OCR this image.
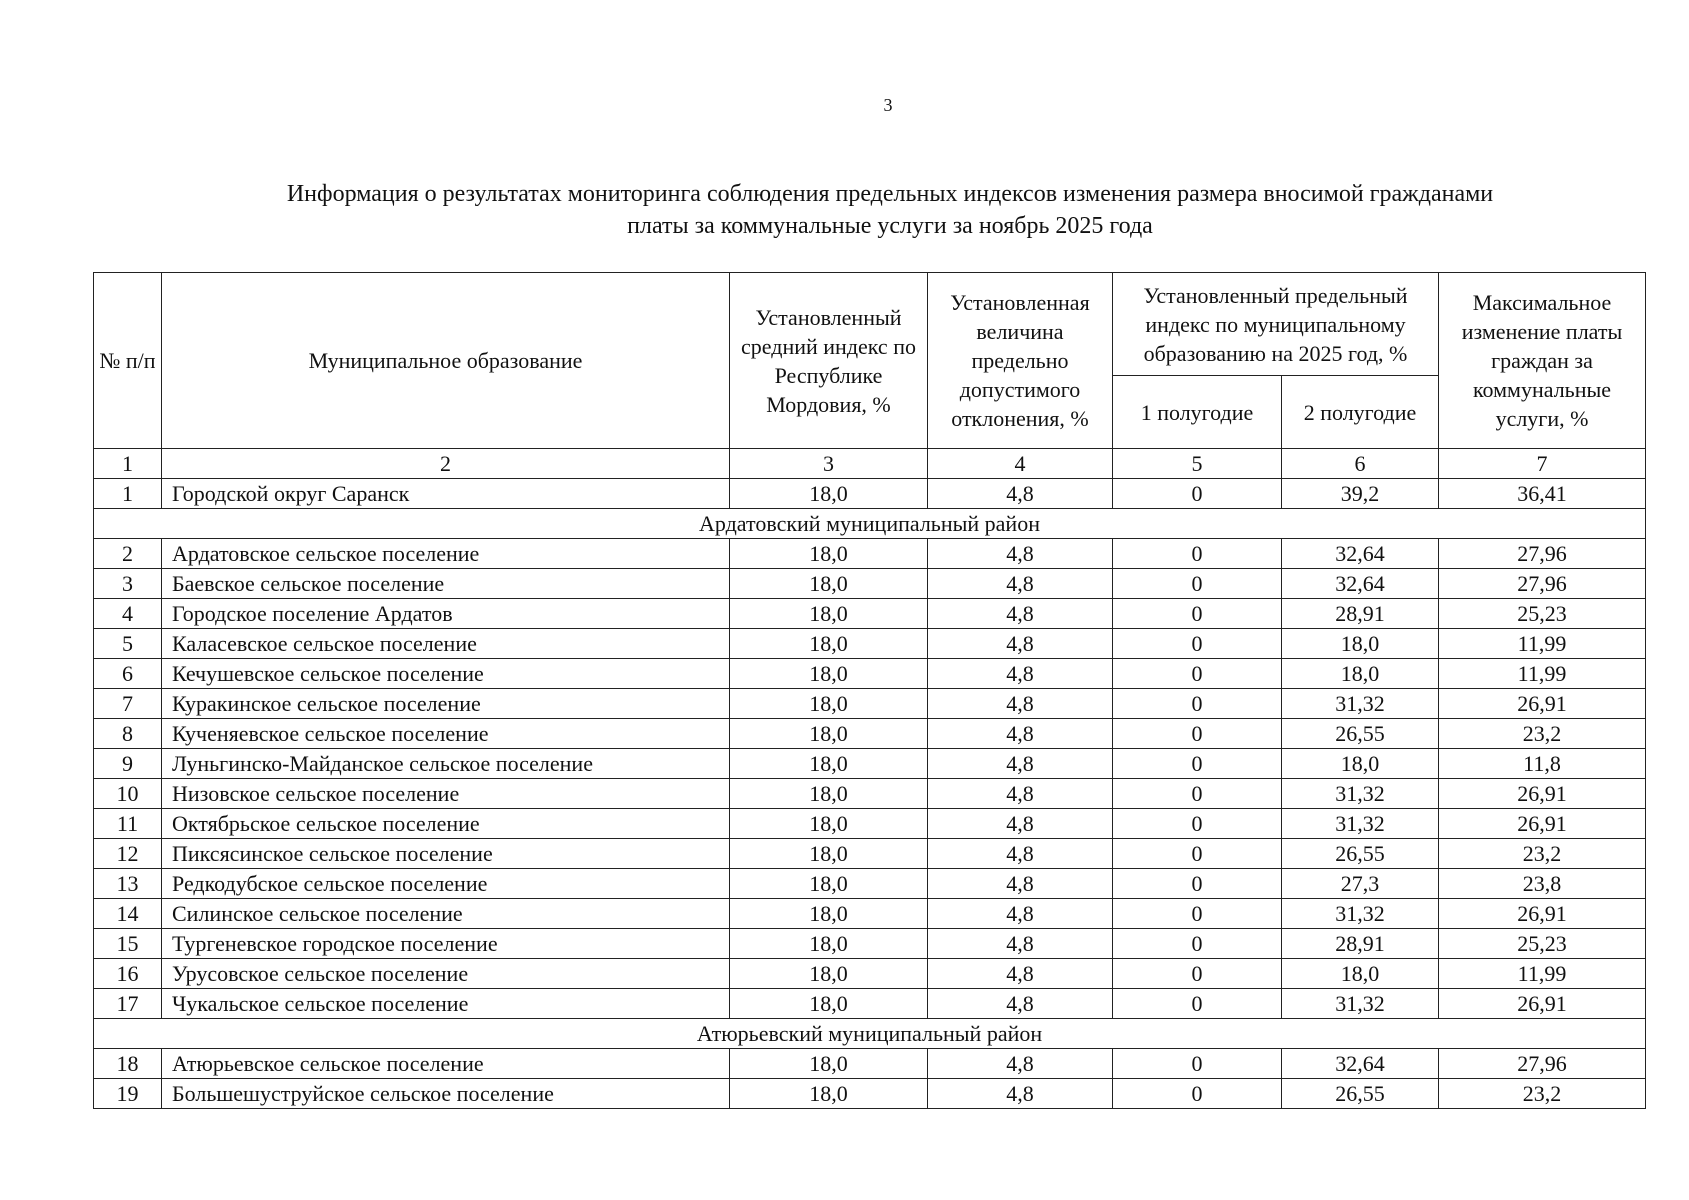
3
Информация о результатах мониторинга соблюдения предельных индексов изменения размера вносимой гражданами
платы за коммунальные услуги за ноябрь 2025 года
№ п/п	Муниципальное образование	Установленный средний индекс по Республике Мордовия, %	Установленная величина предельно допустимого отклонения, %	Установленный предельный индекс по муниципальному образованию на 2025 год, %		Максимальное изменение платы граждан за коммунальные услуги, %
				1 полугодие	2 полугодие	
1	2	3	4	5	6	7
1	Городской округ Саранск	18,0	4,8	0	39,2	36,41
Ардатовский муниципальный район						
2	Ардатовское сельское поселение	18,0	4,8	0	32,64	27,96
3	Баевское сельское поселение	18,0	4,8	0	32,64	27,96
4	Городское поселение Ардатов	18,0	4,8	0	28,91	25,23
5	Каласевское сельское поселение	18,0	4,8	0	18,0	11,99
6	Кечушевское сельское поселение	18,0	4,8	0	18,0	11,99
7	Куракинское сельское поселение	18,0	4,8	0	31,32	26,91
8	Кученяевское сельское поселение	18,0	4,8	0	26,55	23,2
9	Луньгинско-Майданское сельское поселение	18,0	4,8	0	18,0	11,8
10	Низовское сельское поселение	18,0	4,8	0	31,32	26,91
11	Октябрьское сельское поселение	18,0	4,8	0	31,32	26,91
12	Пиксясинское сельское поселение	18,0	4,8	0	26,55	23,2
13	Редкодубское сельское поселение	18,0	4,8	0	27,3	23,8
14	Силинское сельское поселение	18,0	4,8	0	31,32	26,91
15	Тургеневское городское поселение	18,0	4,8	0	28,91	25,23
16	Урусовское сельское поселение	18,0	4,8	0	18,0	11,99
17	Чукальское сельское поселение	18,0	4,8	0	31,32	26,91
Атюрьевский муниципальный район						
18	Атюрьевское сельское поселение	18,0	4,8	0	32,64	27,96
19	Большешуструйское сельское поселение	18,0	4,8	0	26,55	23,2
